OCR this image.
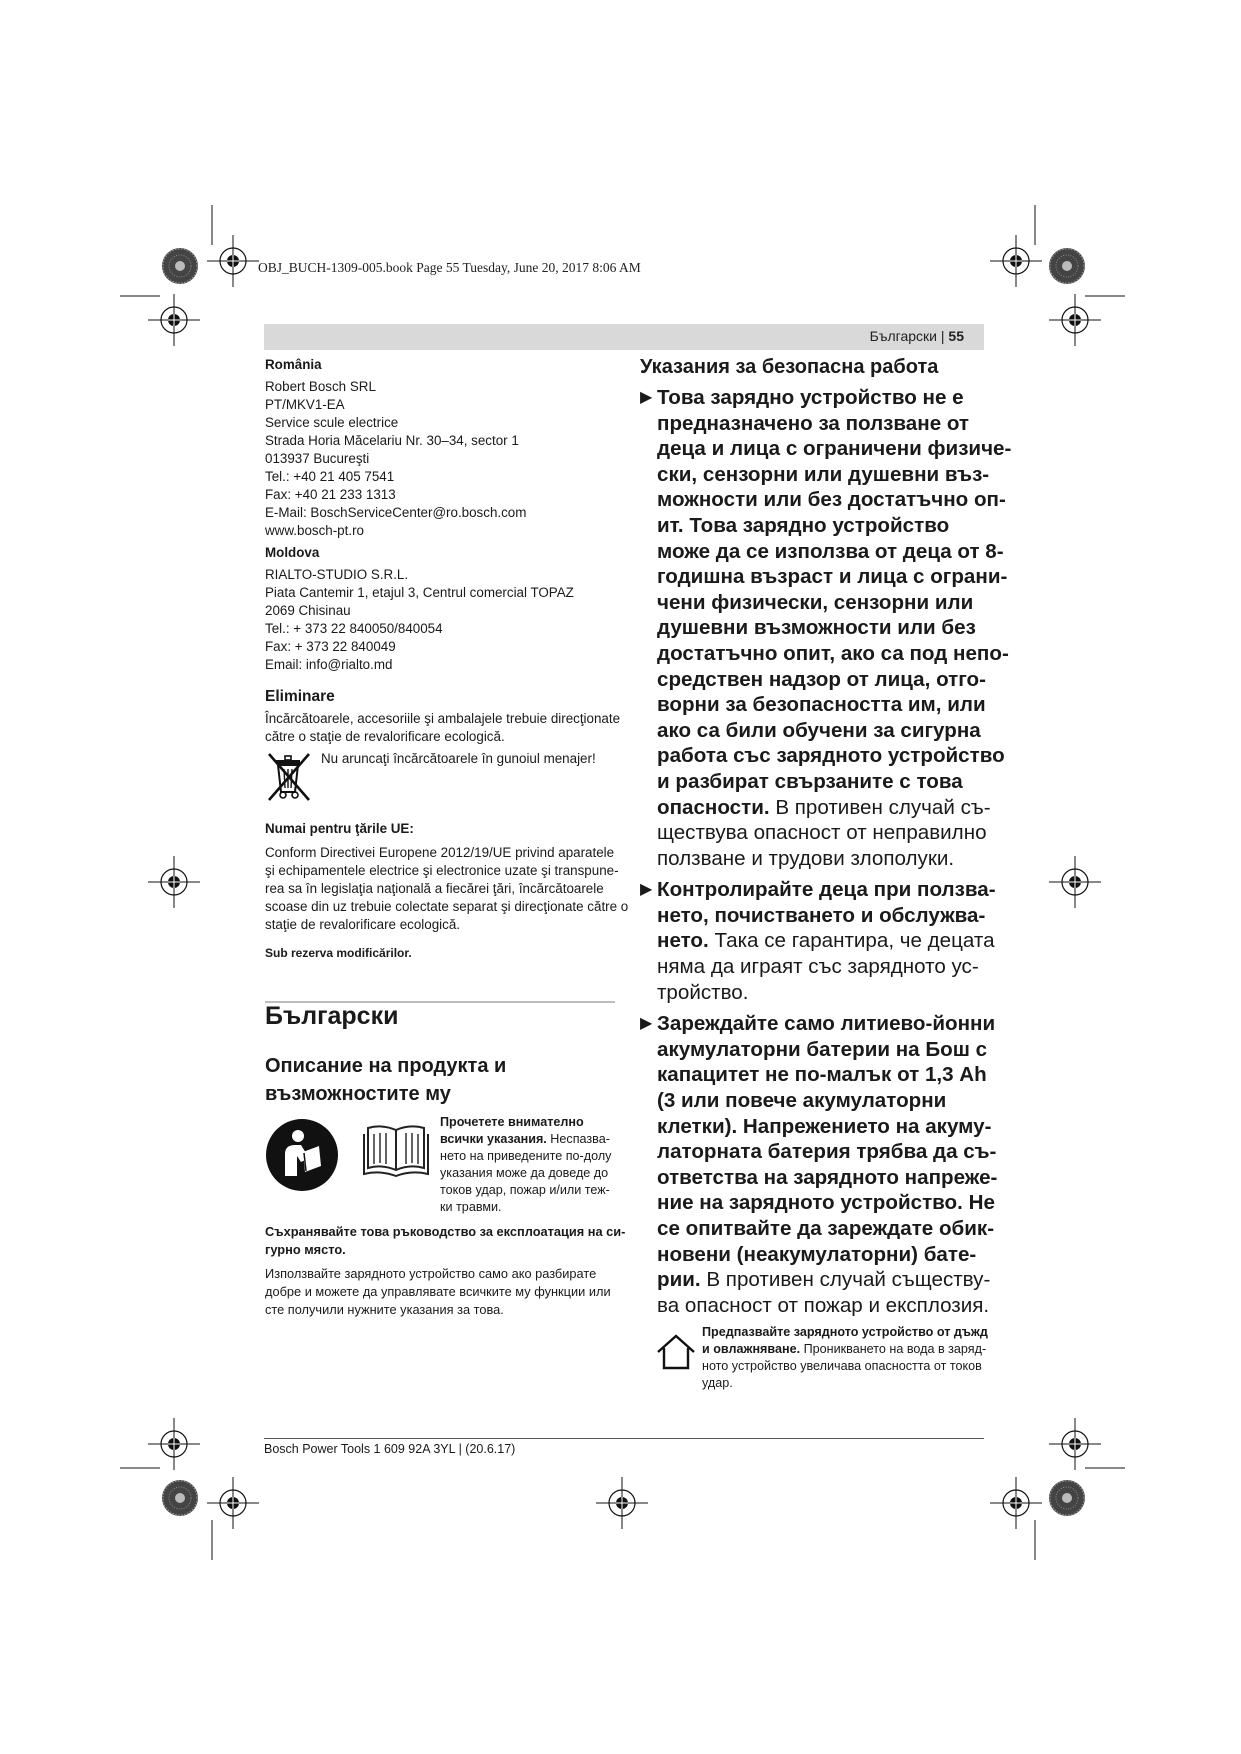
OBJ_BUCH-1309-005.book Page 55 Tuesday, June 20, 2017 8:06 AM
Български | 55

România

Robert Bosch SRL
PT/MKV1-EA
Service scule electrice
Strada Horia Măcelariu Nr. 30–34, sector 1
013937 Bucureşti
Tel.: +40 21 405 7541
Fax: +40 21 233 1313
E-Mail: BoschServiceCenter@ro.bosch.com
www.bosch-pt.ro

Moldova

RIALTO-STUDIO S.R.L.
Piata Cantemir 1, etajul 3, Centrul comercial TOPAZ
2069 Chisinau
Tel.: + 373 22 840050/840054
Fax: + 373 22 840049
Email: info@rialto.md
Eliminare

Încărcătoarele, accesoriile şi ambalajele trebuie direcţionate
către o staţie de revalorificare ecologică.

Nu aruncaţi încărcătoarele în gunoiul menajer!
Numai pentru ţările UE:

Conform Directivei Europene 2012/19/UE privind aparatele
şi echipamentele electrice şi electronice uzate şi transpune-
rea sa în legislaţia naţională a fiecărei ţări, încărcătoarele
scoase din uz trebuie colectate separat şi direcţionate către o
staţie de revalorificare ecologică.

Sub rezerva modificărilor.
Български
Описание на продукта и
възможностите му
Прочетете внимателно
всички указания. Неспазва-
нето на приведените по-долу
указания може да доведе до
токов удар, пожар и/или теж-
ки травми.
Съхранявайте това ръководство за експлоатация на си-
гурно място.
Използвайте зарядното устройство само ако разбирате
добре и можете да управлявате всичките му функции или
сте получили нужните указания за това.
Указания за безопасна работа
▶ Това зарядно устройство не е
предназначено за ползване от
деца и лица с ограничени физиче-
ски, сензорни или душевни въз-
можности или без достатъчно оп-
ит. Това зарядно устройство
може да се използва от деца от 8-
годишна възраст и лица с ограни-
чени физически, сензорни или
душевни възможности или без
достатъчно опит, ако са под непо-
средствен надзор от лица, отго-
ворни за безопасността им, или
ако са били обучени за сигурна
работа със зарядното устройство
и разбират свързаните с това
опасности. В противен случай съ-
ществува опасност от неправилно
ползване и трудови злополуки.
▶ Контролирайте деца при ползва-
нето, почистването и обслужва-
нето. Така се гарантира, че децата
няма да играят със зарядното ус-
тройство.
▶ Зареждайте само литиево-йонни
акумулаторни батерии на Бош с
капацитет не по-малък от 1,3 Ah
(3 или повече акумулаторни
клетки). Напрежението на акуму-
латорната батерия трябва да съ-
ответства на зарядното напреже-
ние на зарядното устройство. Не
се опитвайте да зареждате обик-
новени (неакумулаторни) бате-
рии. В противен случай съществу-
ва опасност от пожар и експлозия.
Предпазвайте зарядното устройство от дъжд
и овлажняване. Проникването на вода в заряд-
ното устройство увеличава опасността от токов
удар.
Bosch Power Tools 1 609 92A 3YL | (20.6.17)
